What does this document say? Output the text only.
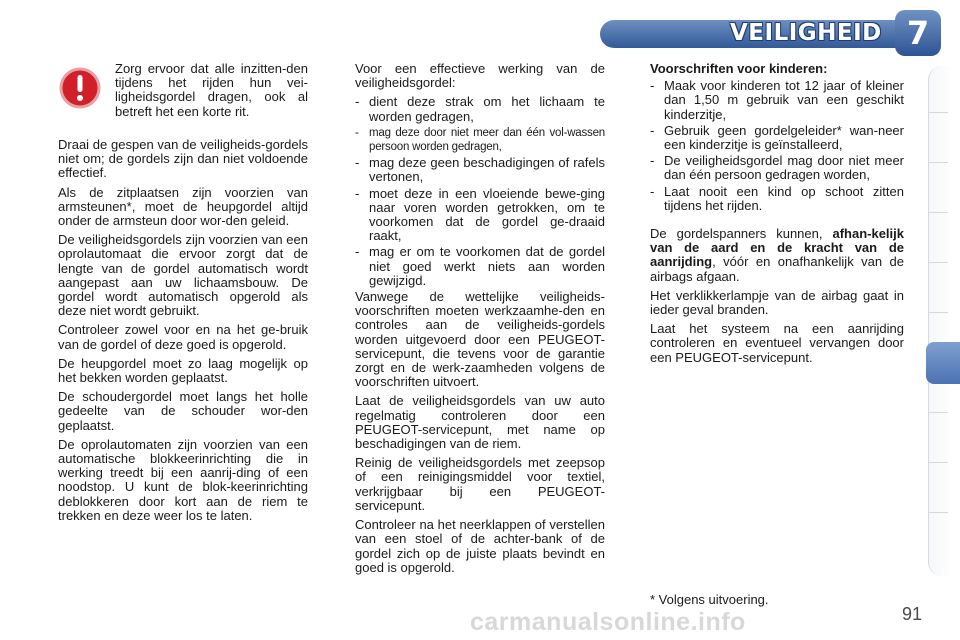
VEILIGHEID 7
Zorg ervoor dat alle inzitten-den tijdens het rijden hun vei-ligheidsgordel dragen, ook al betreft het een korte rit.

Draai de gespen van de veiligheids-gordels niet om; de gordels zijn dan niet voldoende effectief.

Als de zitplaatsen zijn voorzien van armsteunen*, moet de heupgordel altijd onder de armsteun door wor-den geleid.

De veiligheidsgordels zijn voorzien van een oprolautomaat die ervoor zorgt dat de lengte van de gordel automatisch wordt aangepast aan uw lichaamsbouw. De gordel wordt automatisch opgerold als deze niet wordt gebruikt.

Controleer zowel voor en na het ge-bruik van de gordel of deze goed is opgerold.

De heupgordel moet zo laag mogelijk op het bekken worden geplaatst.

De schoudergordel moet langs het holle gedeelte van de schouder wor-den geplaatst.

De oprolautomaten zijn voorzien van een automatische blokkeerinrichting die in werking treedt bij een aanrij-ding of een noodstop. U kunt de blok-keerinrichting deblokkeren door kort aan de riem te trekken en deze weer los te laten.

Voor een effectieve werking van de veiligheidsgordel:

- dient deze strak om het lichaam te worden gedragen,
- mag deze door niet meer dan één vol-wassen persoon worden gedragen,
- mag deze geen beschadigingen of rafels vertonen,
- moet deze in een vloeiende bewe-ging naar voren worden getrokken, om te voorkomen dat de gordel ge-draaid raakt,
- mag er om te voorkomen dat de gordel niet goed werkt niets aan worden gewijzigd.

Vanwege de wettelijke veiligheids-voorschriften moeten werkzaamhe-den en controles aan de veiligheids-gordels worden uitgevoerd door een PEUGEOT-servicepunt, die tevens voor de garantie zorgt en de werk-zaamheden volgens de voorschriften uitvoert.

Laat de veiligheidsgordels van uw auto regelmatig controleren door een PEUGEOT-servicepunt, met name op beschadigingen van de riem.

Reinig de veiligheidsgordels met zeepsop of een reinigingsmiddel voor textiel, verkrijgbaar bij een PEUGEOT-servicepunt.

Controleer na het neerklappen of verstellen van een stoel of de achter-bank of de gordel zich op de juiste plaats bevindt en goed is opgerold.

Voorschriften voor kinderen:
- Maak voor kinderen tot 12 jaar of kleiner dan 1,50 m gebruik van een geschikt kinderzitje,
- Gebruik geen gordelgeleider* wan-neer een kinderzitje is geïnstalleerd,
- De veiligheidsgordel mag door niet meer dan één persoon gedragen worden,
- Laat nooit een kind op schoot zitten tijdens het rijden.

De gordelspanners kunnen, afhan-kelijk van de aard en de kracht van de aanrijding, vóór en onafhankelijk van de airbags afgaan.

Het verklikkerlampje van de airbag gaat in ieder geval branden.

Laat het systeem na een aanrijding controleren en eventueel vervangen door een PEUGEOT-servicepunt.

* Volgens uitvoering.
carmanualsonline.info	91
